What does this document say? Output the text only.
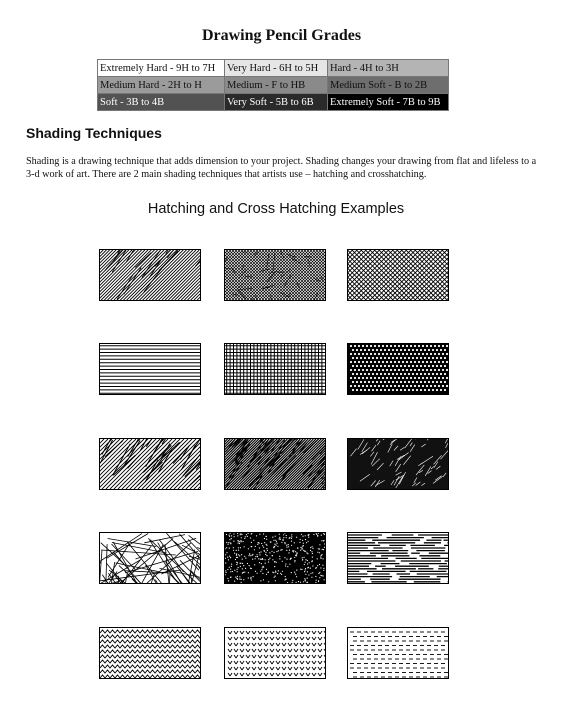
Drawing Pencil Grades
Extremely Hard - 9H to 7H	Very Hard - 6H to 5H	Hard - 4H to 3H
Medium Hard - 2H to H	Medium - F to HB	Medium Soft - B to 2B
Soft - 3B to 4B	Very Soft - 5B to 6B	Extremely Soft - 7B to 9B
Shading Techniques

Shading is a drawing technique that adds dimension to your project. Shading changes your drawing from flat and lifeless to a 3-d work of art. There are 2 main shading techniques that artists use – hatching and crosshatching.

Hatching and Cross Hatching Examples
